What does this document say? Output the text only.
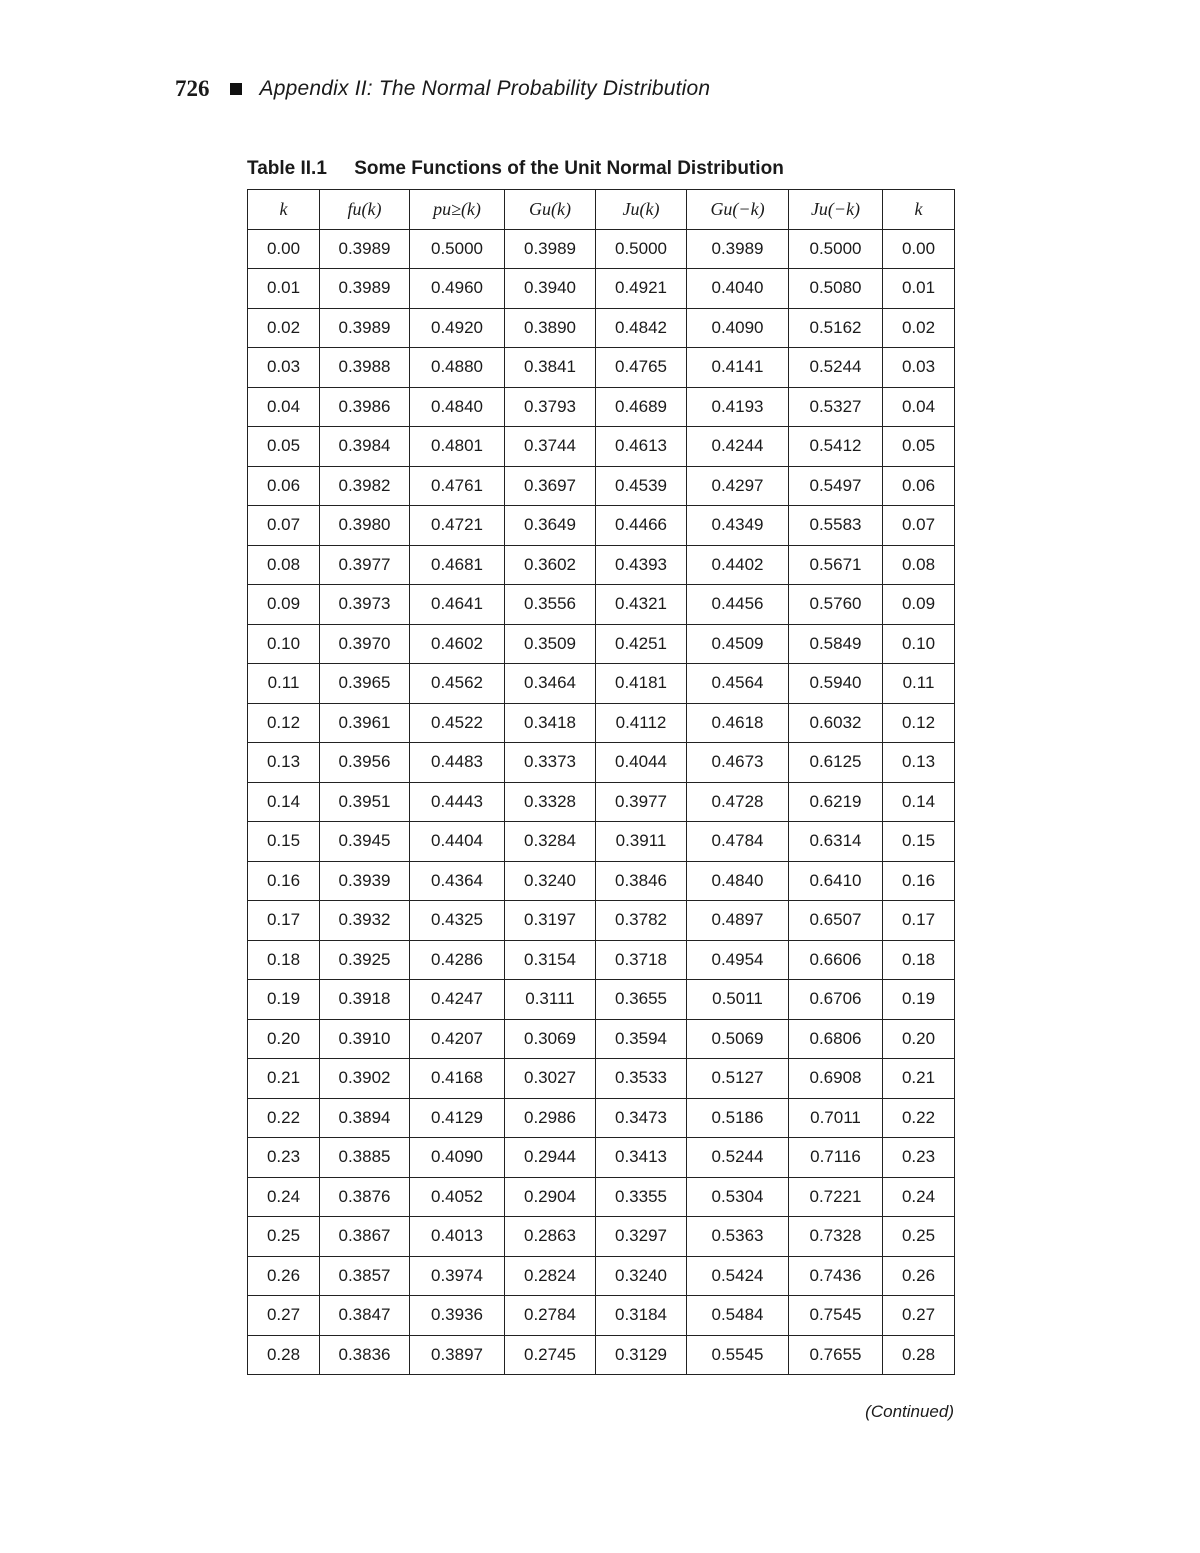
726 Appendix II: The Normal Probability Distribution
Table II.1 Some Functions of the Unit Normal Distribution
k	fu(k)	pu≥(k)	Gu(k)	Ju(k)	Gu(−k)	Ju(−k)	k
0.00	0.3989	0.5000	0.3989	0.5000	0.3989	0.5000	0.00
0.01	0.3989	0.4960	0.3940	0.4921	0.4040	0.5080	0.01
0.02	0.3989	0.4920	0.3890	0.4842	0.4090	0.5162	0.02
0.03	0.3988	0.4880	0.3841	0.4765	0.4141	0.5244	0.03
0.04	0.3986	0.4840	0.3793	0.4689	0.4193	0.5327	0.04
0.05	0.3984	0.4801	0.3744	0.4613	0.4244	0.5412	0.05
0.06	0.3982	0.4761	0.3697	0.4539	0.4297	0.5497	0.06
0.07	0.3980	0.4721	0.3649	0.4466	0.4349	0.5583	0.07
0.08	0.3977	0.4681	0.3602	0.4393	0.4402	0.5671	0.08
0.09	0.3973	0.4641	0.3556	0.4321	0.4456	0.5760	0.09
0.10	0.3970	0.4602	0.3509	0.4251	0.4509	0.5849	0.10
0.11	0.3965	0.4562	0.3464	0.4181	0.4564	0.5940	0.11
0.12	0.3961	0.4522	0.3418	0.4112	0.4618	0.6032	0.12
0.13	0.3956	0.4483	0.3373	0.4044	0.4673	0.6125	0.13
0.14	0.3951	0.4443	0.3328	0.3977	0.4728	0.6219	0.14
0.15	0.3945	0.4404	0.3284	0.3911	0.4784	0.6314	0.15
0.16	0.3939	0.4364	0.3240	0.3846	0.4840	0.6410	0.16
0.17	0.3932	0.4325	0.3197	0.3782	0.4897	0.6507	0.17
0.18	0.3925	0.4286	0.3154	0.3718	0.4954	0.6606	0.18
0.19	0.3918	0.4247	0.3111	0.3655	0.5011	0.6706	0.19
0.20	0.3910	0.4207	0.3069	0.3594	0.5069	0.6806	0.20
0.21	0.3902	0.4168	0.3027	0.3533	0.5127	0.6908	0.21
0.22	0.3894	0.4129	0.2986	0.3473	0.5186	0.7011	0.22
0.23	0.3885	0.4090	0.2944	0.3413	0.5244	0.7116	0.23
0.24	0.3876	0.4052	0.2904	0.3355	0.5304	0.7221	0.24
0.25	0.3867	0.4013	0.2863	0.3297	0.5363	0.7328	0.25
0.26	0.3857	0.3974	0.2824	0.3240	0.5424	0.7436	0.26
0.27	0.3847	0.3936	0.2784	0.3184	0.5484	0.7545	0.27
0.28	0.3836	0.3897	0.2745	0.3129	0.5545	0.7655	0.28
(Continued)
